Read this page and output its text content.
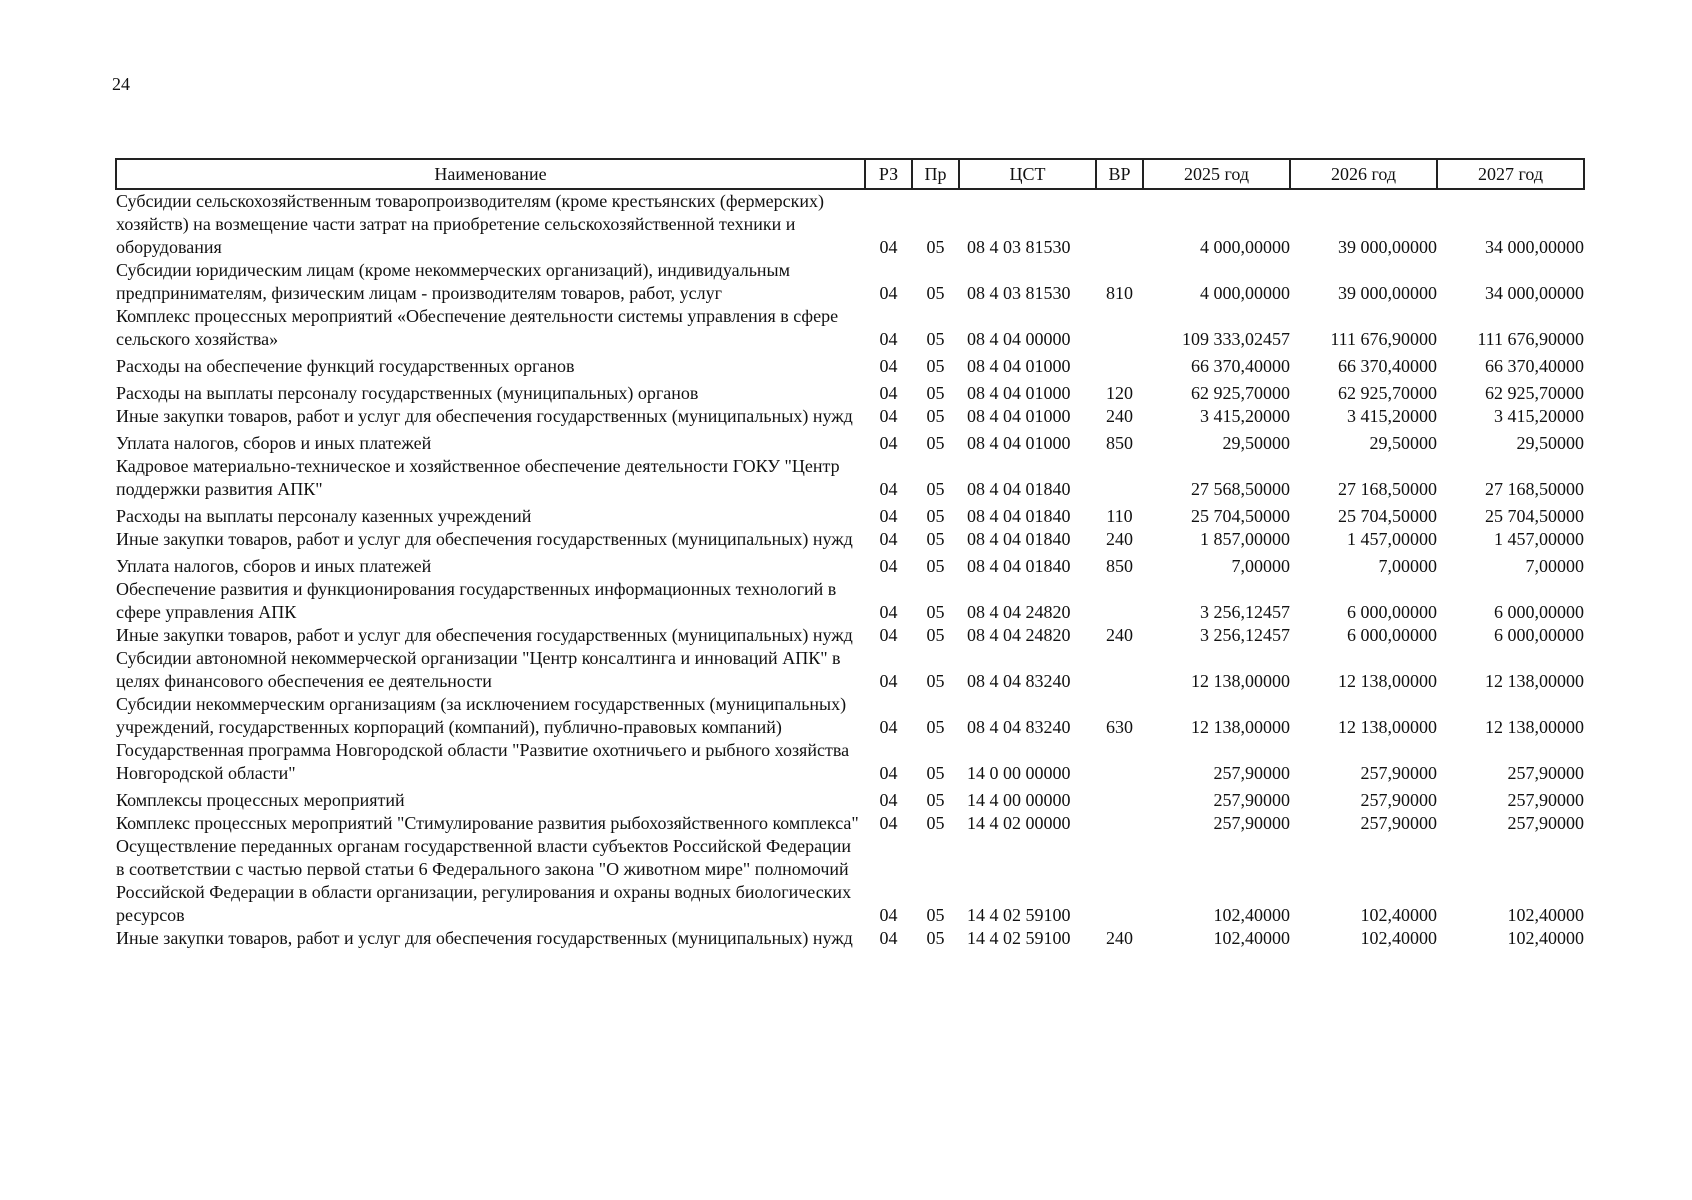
24
Наименование	РЗ	Пр	ЦСТ	ВР	2025 год	2026 год	2027 год
Субсидии сельскохозяйственным товаропроизводителям (кроме крестьянских (фермерских) хозяйств) на возмещение части затрат на приобретение сельскохозяйственной техники и оборудования	04	05	08 4 03 81530		4 000,00000	39 000,00000	34 000,00000
Субсидии юридическим лицам (кроме некоммерческих организаций), индивидуальным предпринимателям, физическим лицам - производителям товаров, работ, услуг	04	05	08 4 03 81530	810	4 000,00000	39 000,00000	34 000,00000
Комплекс процессных мероприятий «Обеспечение деятельности системы управления в сфере сельского хозяйства»	04	05	08 4 04 00000		109 333,02457	111 676,90000	111 676,90000
Расходы на обеспечение функций государственных органов	04	05	08 4 04 01000		66 370,40000	66 370,40000	66 370,40000
Расходы на выплаты персоналу государственных (муниципальных) органов	04	05	08 4 04 01000	120	62 925,70000	62 925,70000	62 925,70000
Иные закупки товаров, работ и услуг для обеспечения государственных (муниципальных) нужд	04	05	08 4 04 01000	240	3 415,20000	3 415,20000	3 415,20000
Уплата налогов, сборов и иных платежей	04	05	08 4 04 01000	850	29,50000	29,50000	29,50000
Кадровое материально-техническое и хозяйственное обеспечение деятельности ГОКУ "Центр поддержки развития АПК"	04	05	08 4 04 01840		27 568,50000	27 168,50000	27 168,50000
Расходы на выплаты персоналу казенных учреждений	04	05	08 4 04 01840	110	25 704,50000	25 704,50000	25 704,50000
Иные закупки товаров, работ и услуг для обеспечения государственных (муниципальных) нужд	04	05	08 4 04 01840	240	1 857,00000	1 457,00000	1 457,00000
Уплата налогов, сборов и иных платежей	04	05	08 4 04 01840	850	7,00000	7,00000	7,00000
Обеспечение развития и функционирования государственных информационных технологий в сфере управления АПК	04	05	08 4 04 24820		3 256,12457	6 000,00000	6 000,00000
Иные закупки товаров, работ и услуг для обеспечения государственных (муниципальных) нужд	04	05	08 4 04 24820	240	3 256,12457	6 000,00000	6 000,00000
Субсидии автономной некоммерческой организации "Центр консалтинга и инноваций АПК" в целях финансового обеспечения ее деятельности	04	05	08 4 04 83240		12 138,00000	12 138,00000	12 138,00000
Субсидии некоммерческим организациям (за исключением государственных (муниципальных) учреждений, государственных корпораций (компаний), публично-правовых компаний)	04	05	08 4 04 83240	630	12 138,00000	12 138,00000	12 138,00000
Государственная программа Новгородской области "Развитие охотничьего и рыбного хозяйства Новгородской области"	04	05	14 0 00 00000		257,90000	257,90000	257,90000
Комплексы процессных мероприятий	04	05	14 4 00 00000		257,90000	257,90000	257,90000
Комплекс процессных мероприятий "Стимулирование развития рыбохозяйственного комплекса"	04	05	14 4 02 00000		257,90000	257,90000	257,90000
Осуществление переданных органам государственной власти субъектов Российской Федерации в соответствии с частью первой статьи 6 Федерального закона "О животном мире" полномочий Российской Федерации в области организации, регулирования и охраны водных биологических ресурсов	04	05	14 4 02 59100		102,40000	102,40000	102,40000
Иные закупки товаров, работ и услуг для обеспечения государственных (муниципальных) нужд	04	05	14 4 02 59100	240	102,40000	102,40000	102,40000
